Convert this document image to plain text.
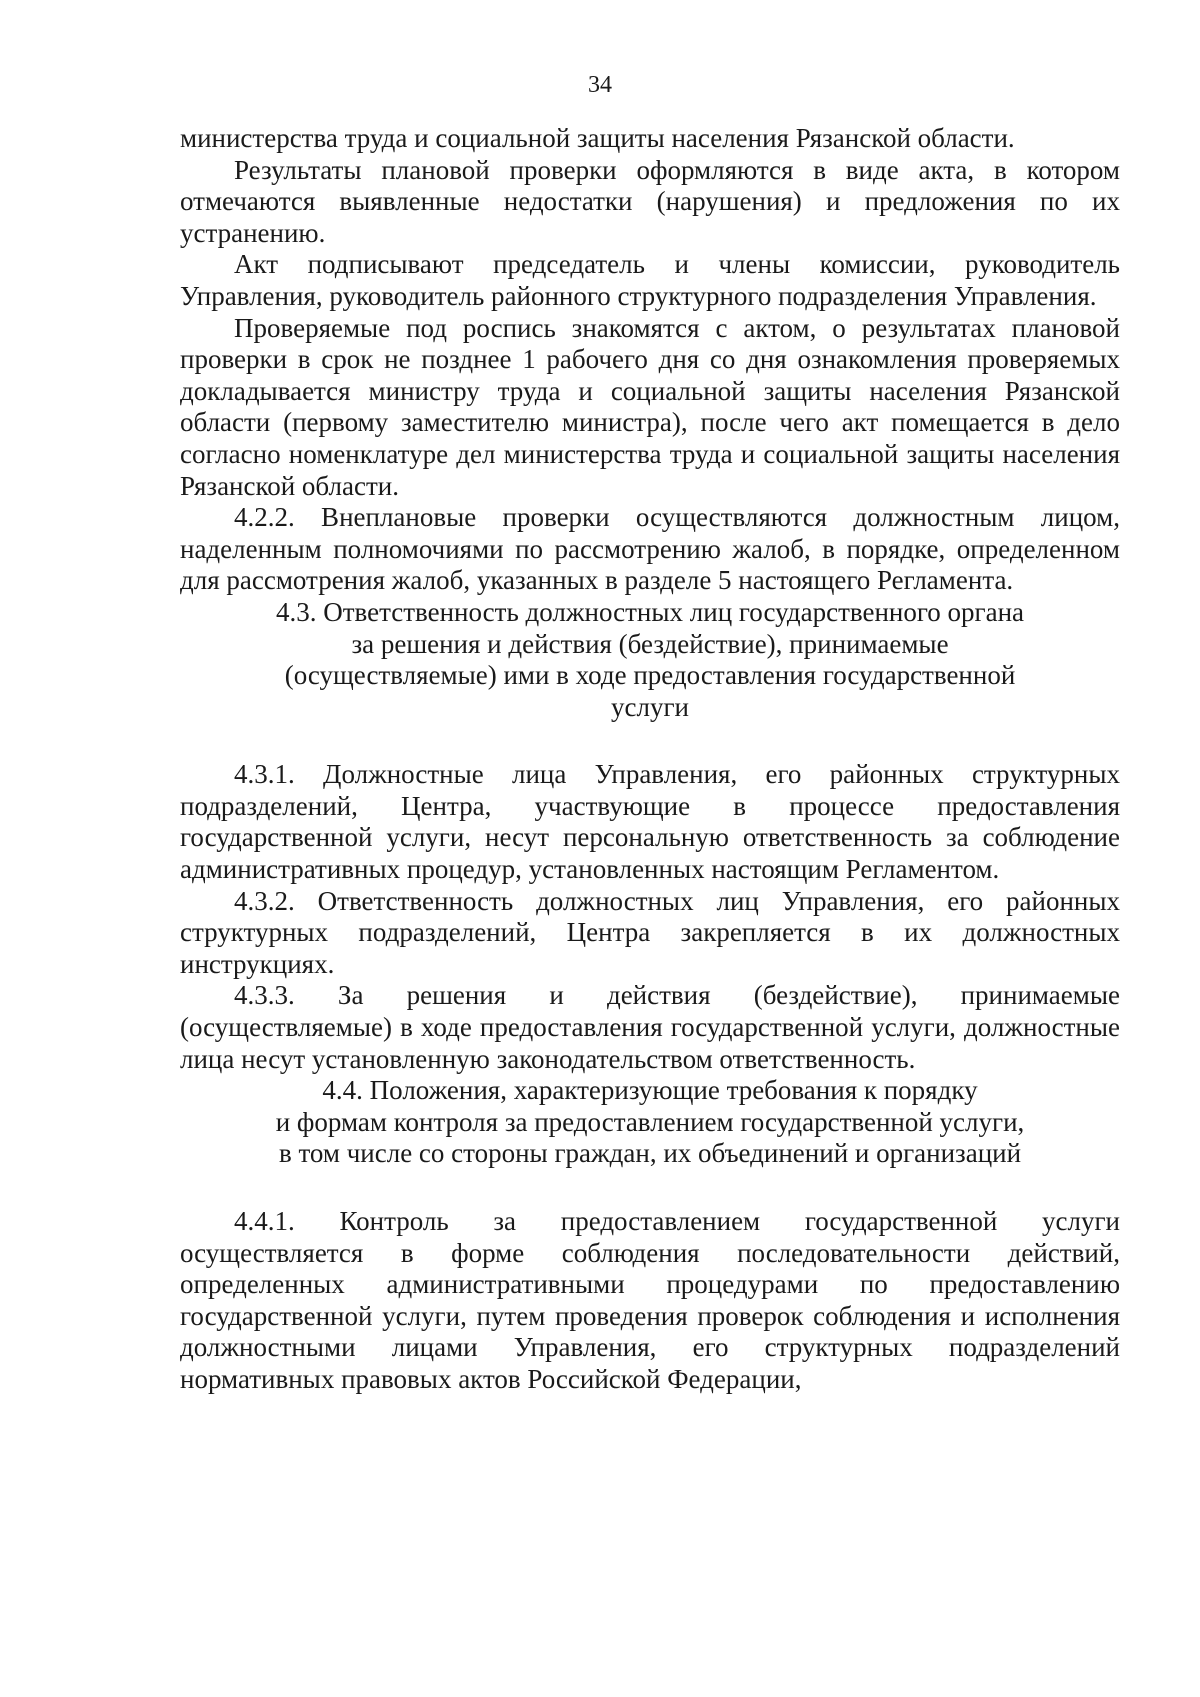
34

министерства труда и социальной защиты населения Рязанской области.

Результаты плановой проверки оформляются в виде акта, в котором отмечаются выявленные недостатки (нарушения) и предложения по их устранению.

Акт подписывают председатель и члены комиссии, руководитель Управления, руководитель районного структурного подразделения Управления.

Проверяемые под роспись знакомятся с актом, о результатах плановой проверки в срок не позднее 1 рабочего дня со дня ознакомления проверяемых докладывается министру труда и социальной защиты населения Рязанской области (первому заместителю министра), после чего акт помещается в дело согласно номенклатуре дел министерства труда и социальной защиты населения Рязанской области.

4.2.2. Внеплановые проверки осуществляются должностным лицом, наделенным полномочиями по рассмотрению жалоб, в порядке, определенном для рассмотрения жалоб, указанных в разделе 5 настоящего Регламента.

4.3. Ответственность должностных лиц государственного органа
за решения и действия (бездействие), принимаемые
(осуществляемые) ими в ходе предоставления государственной
услуги

4.3.1. Должностные лица Управления, его районных структурных подразделений, Центра, участвующие в процессе предоставления государственной услуги, несут персональную ответственность за соблюдение административных процедур, установленных настоящим Регламентом.

4.3.2. Ответственность должностных лиц Управления, его районных структурных подразделений, Центра закрепляется в их должностных инструкциях.

4.3.3. За решения и действия (бездействие), принимаемые (осуществляемые) в ходе предоставления государственной услуги, должностные лица несут установленную законодательством ответственность.

4.4. Положения, характеризующие требования к порядку
и формам контроля за предоставлением государственной услуги,
в том числе со стороны граждан, их объединений и организаций

4.4.1. Контроль за предоставлением государственной услуги осуществляется в форме соблюдения последовательности действий, определенных административными процедурами по предоставлению государственной услуги, путем проведения проверок соблюдения и исполнения должностными лицами Управления, его структурных подразделений нормативных правовых актов Российской Федерации,
